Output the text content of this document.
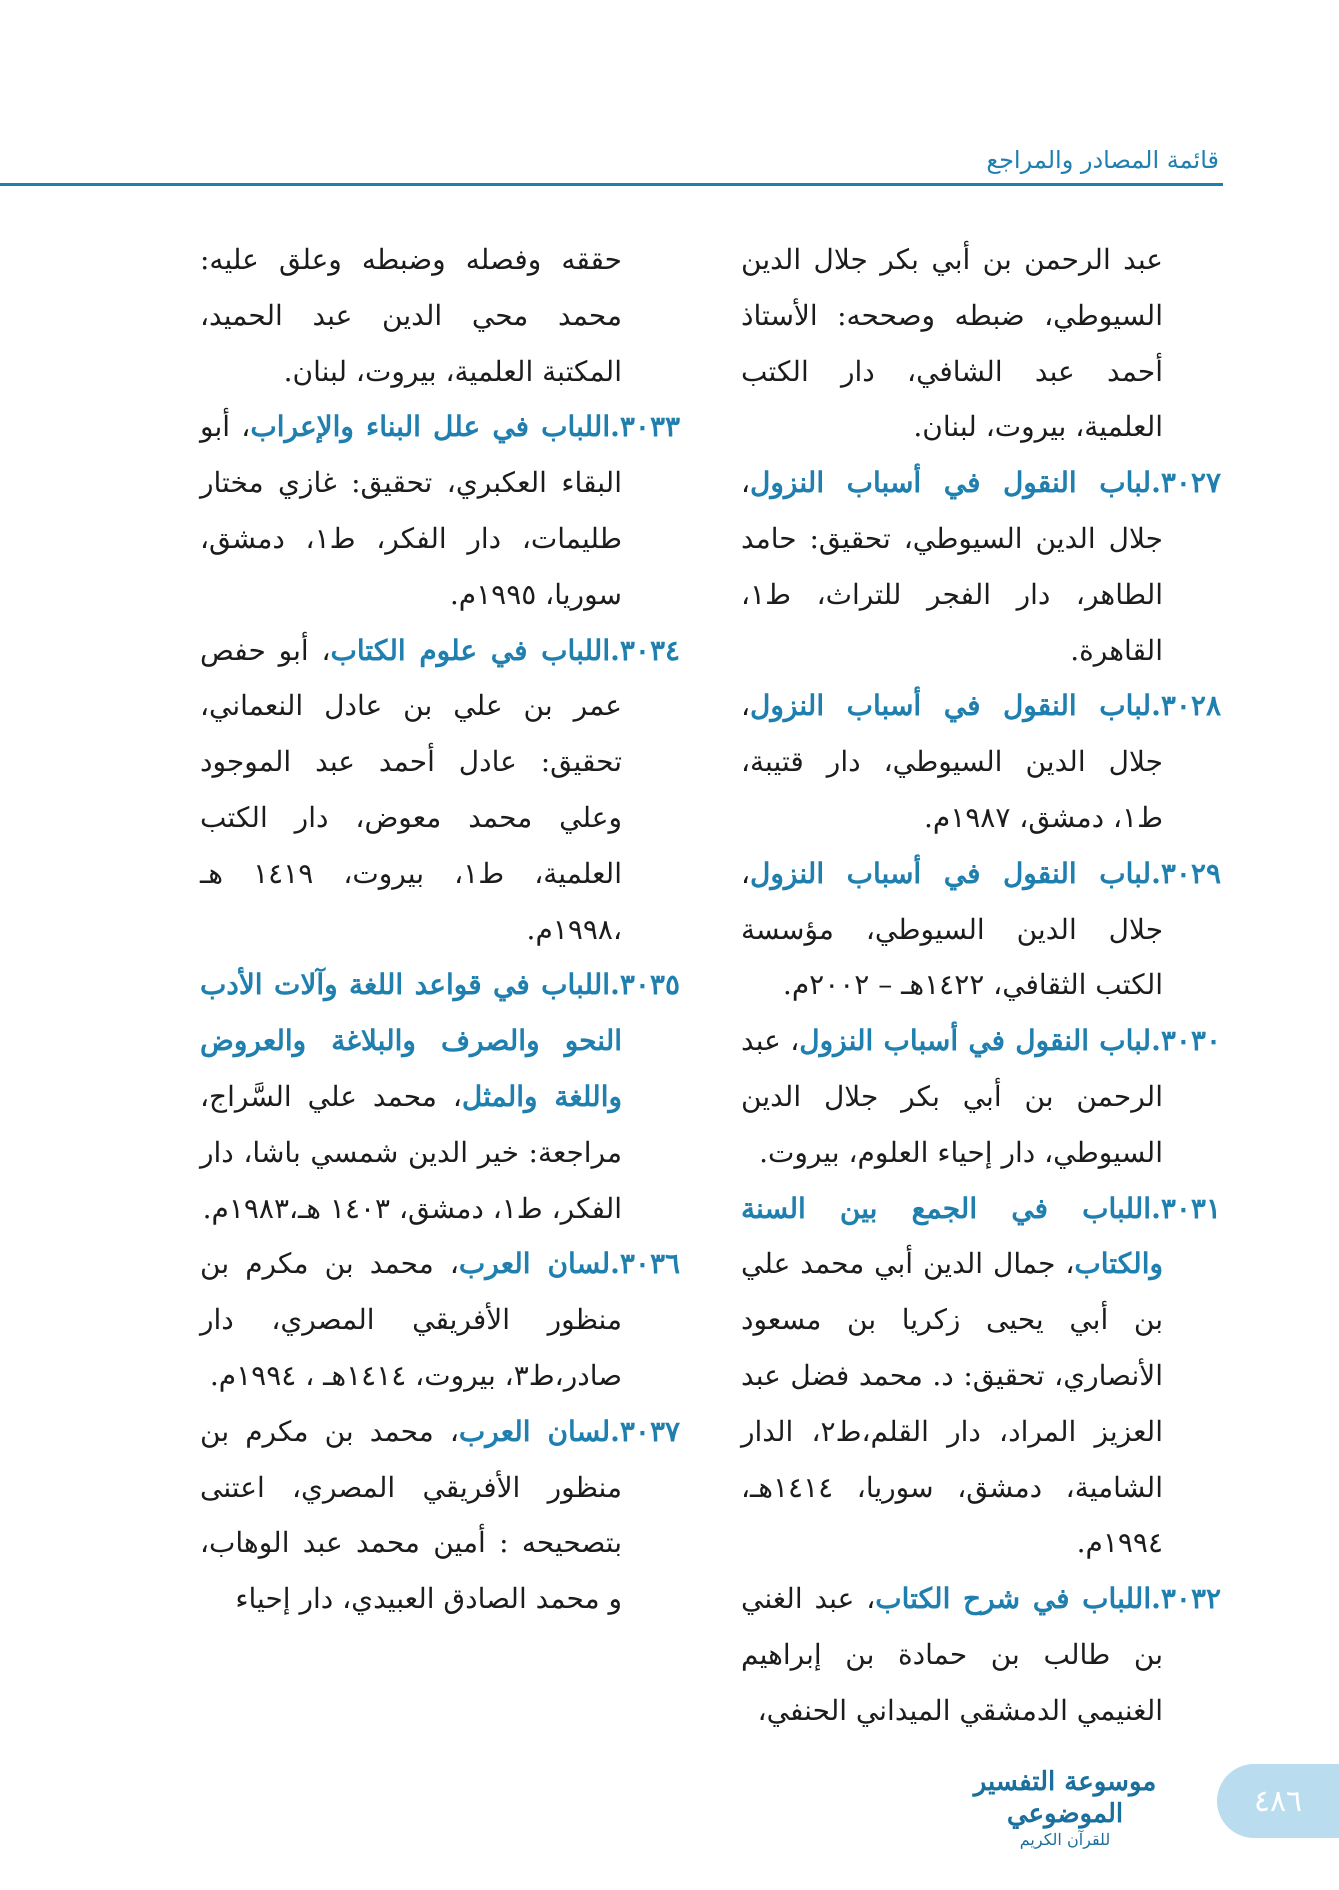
قائمة المصادر والمراجع

عبد الرحمن بن أبي بكر جلال الدين السيوطي، ضبطه وصححه: الأستاذ أحمد عبد الشافي، دار الكتب العلمية، بيروت، لبنان.

٣٠٢٧.لباب النقول في أسباب النزول، جلال الدين السيوطي، تحقيق: حامد الطاهر، دار الفجر للتراث، ط١، القاهرة.

٣٠٢٨.لباب النقول في أسباب النزول، جلال الدين السيوطي، دار قتيبة، ط١، دمشق، ١٩٨٧م.

٣٠٢٩.لباب النقول في أسباب النزول، جلال الدين السيوطي، مؤسسة الكتب الثقافي، ١٤٢٢هـ – ٢٠٠٢م.

٣٠٣٠.لباب النقول في أسباب النزول، عبد الرحمن بن أبي بكر جلال الدين السيوطي، دار إحياء العلوم، بيروت.

٣٠٣١.اللباب في الجمع بين السنة والكتاب، جمال الدين أبي محمد علي بن أبي يحيى زكريا بن مسعود الأنصاري، تحقيق: د. محمد فضل عبد العزيز المراد، دار القلم،ط٢، الدار الشامية، دمشق، سوريا، ١٤١٤هـ، ١٩٩٤م.

٣٠٣٢.اللباب في شرح الكتاب، عبد الغني بن طالب بن حمادة بن إبراهيم الغنيمي الدمشقي الميداني الحنفي،

حققه وفصله وضبطه وعلق عليه: محمد محي الدين عبد الحميد، المكتبة العلمية، بيروت، لبنان.

٣٠٣٣.اللباب في علل البناء والإعراب، أبو البقاء العكبري، تحقيق: غازي مختار طليمات، دار الفكر، ط١، دمشق، سوريا، ١٩٩٥م.

٣٠٣٤.اللباب في علوم الكتاب، أبو حفص عمر بن علي بن عادل النعماني، تحقيق: عادل أحمد عبد الموجود وعلي محمد معوض، دار الكتب العلمية، ط١، بيروت، ١٤١٩ هـ ،١٩٩٨م.

٣٠٣٥.اللباب في قواعد اللغة وآلات الأدب النحو والصرف والبلاغة والعروض واللغة والمثل، محمد علي السَّراج، مراجعة: خير الدين شمسي باشا، دار الفكر، ط١، دمشق، ١٤٠٣ هـ،١٩٨٣م.

٣٠٣٦.لسان العرب، محمد بن مكرم بن منظور الأفريقي المصري، دار صادر،ط٣، بيروت، ١٤١٤هـ ، ١٩٩٤م.

٣٠٣٧.لسان العرب، محمد بن مكرم بن منظور الأفريقي المصري، اعتنى بتصحيحه : أمين محمد عبد الوهاب، و محمد الصادق العبيدي، دار إحياء

موسوعة التفسير الموضوعي
للقرآن الكريم
٤٨٦
